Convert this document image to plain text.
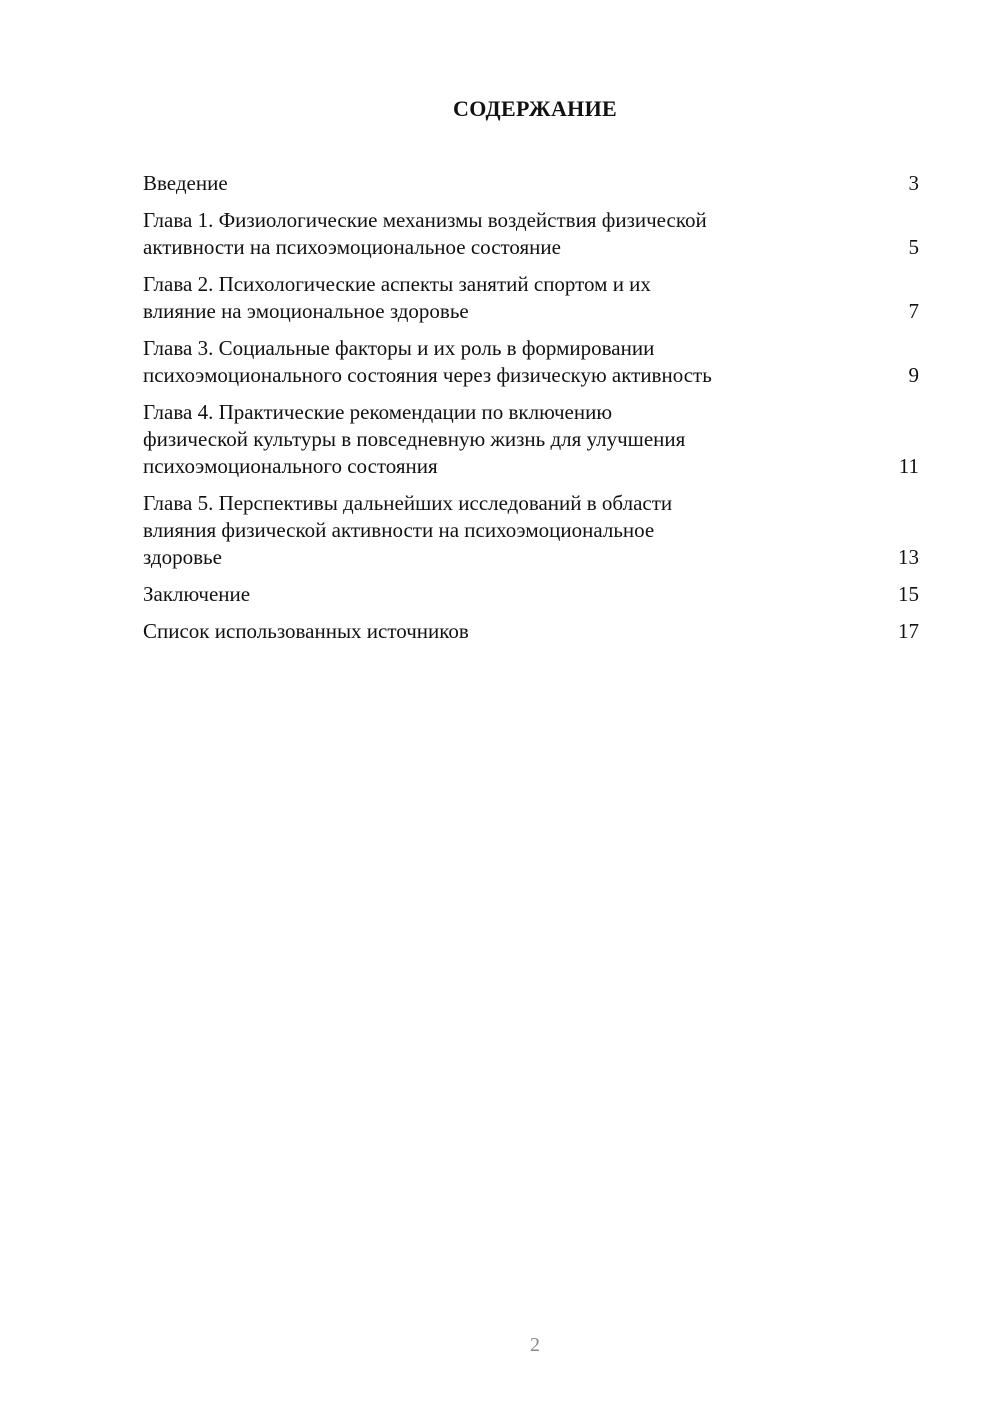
СОДЕРЖАНИЕ
Введение	3
Глава 1. Физиологические механизмы воздействия физической
активности на психоэмоциональное состояние	5
Глава 2. Психологические аспекты занятий спортом и их
влияние на эмоциональное здоровье	7
Глава 3. Социальные факторы и их роль в формировании
психоэмоционального состояния через физическую активность	9
Глава 4. Практические рекомендации по включению
физической культуры в повседневную жизнь для улучшения
психоэмоционального состояния	11
Глава 5. Перспективы дальнейших исследований в области
влияния физической активности на психоэмоциональное
здоровье	13
Заключение	15
Список использованных источников	17
2
